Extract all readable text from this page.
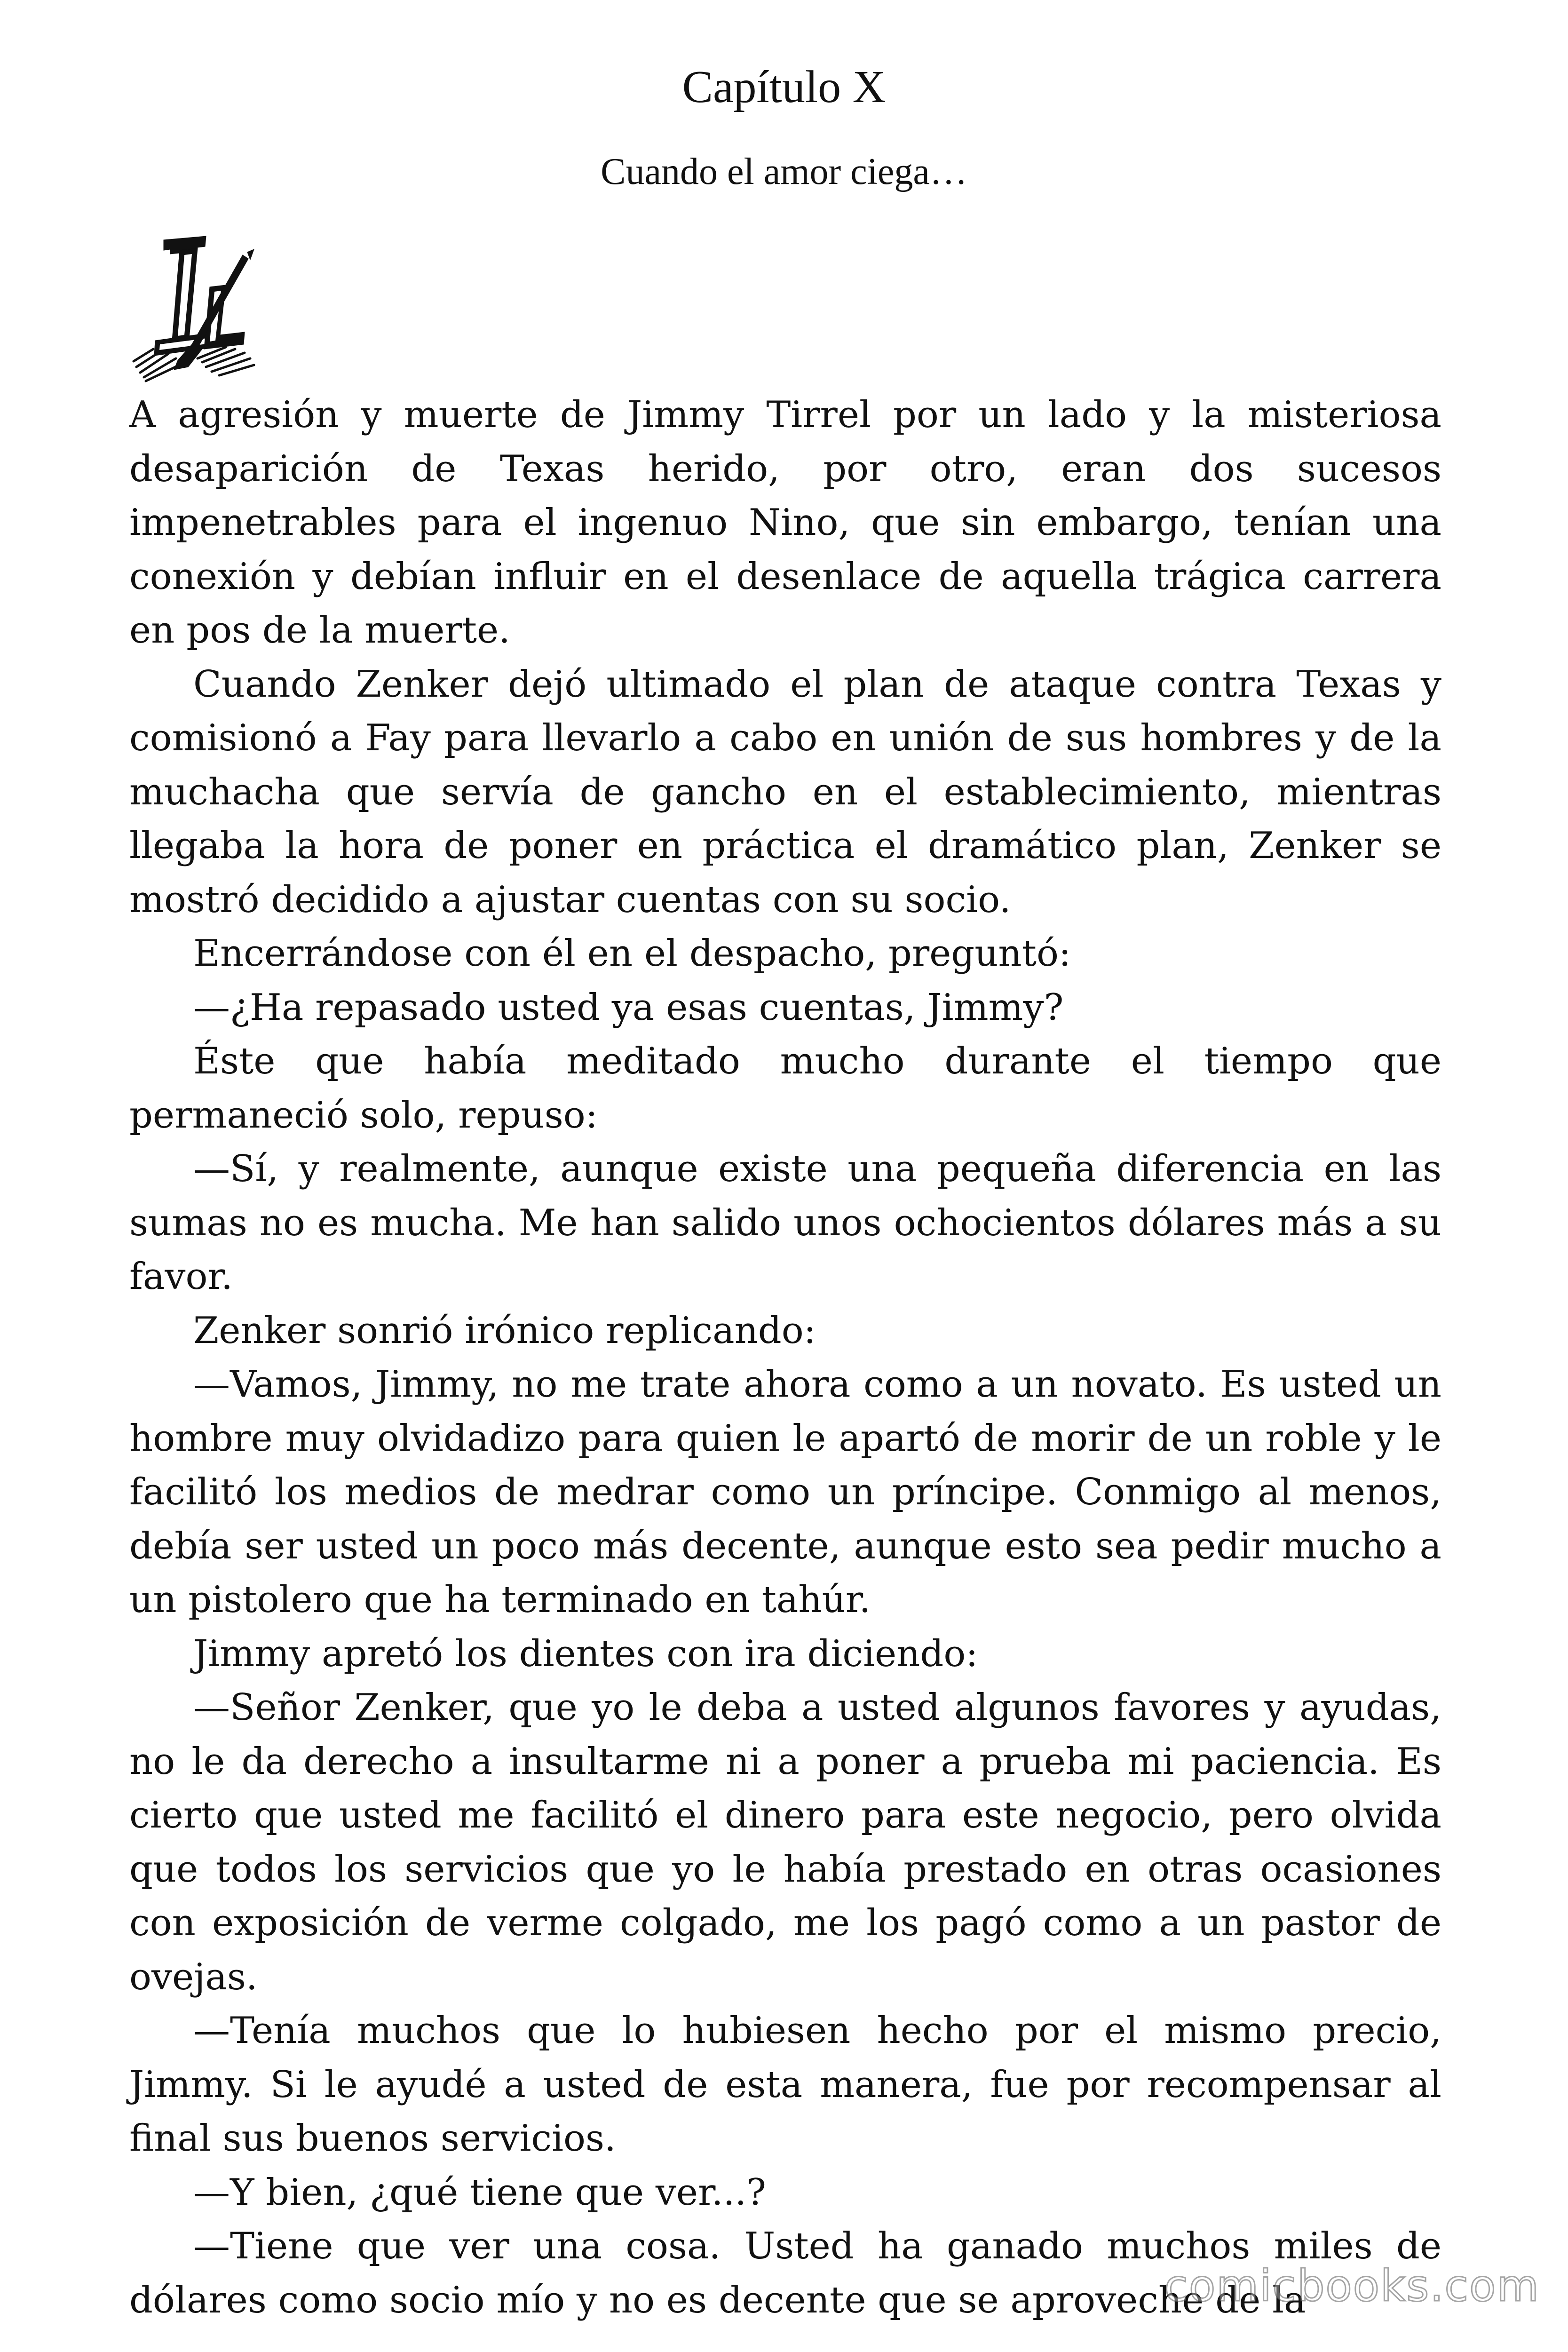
Capítulo X
Cuando el amor ciega…

A agresión y muerte de Jimmy Tirrel por un lado y la misteriosa desaparición de Texas herido, por otro, eran dos sucesos impenetrables para el ingenuo Nino, que sin embargo, tenían una conexión y debían influir en el desenlace de aquella trágica carrera en pos de la muerte.

Cuando Zenker dejó ultimado el plan de ataque contra Texas y comisionó a Fay para llevarlo a cabo en unión de sus hombres y de la muchacha que servía de gancho en el establecimiento, mientras llegaba la hora de poner en práctica el dramático plan, Zenker se mostró decidido a ajustar cuentas con su socio.

Encerrándose con él en el despacho, preguntó:

—¿Ha repasado usted ya esas cuentas, Jimmy?

Éste que había meditado mucho durante el tiempo que permaneció solo, repuso:

—Sí, y realmente, aunque existe una pequeña diferencia en las sumas no es mucha. Me han salido unos ochocientos dólares más a su favor.

Zenker sonrió irónico replicando:

—Vamos, Jimmy, no me trate ahora como a un novato. Es usted un hombre muy olvidadizo para quien le apartó de morir de un roble y le facilitó los medios de medrar como un príncipe. Conmigo al menos, debía ser usted un poco más decente, aunque esto sea pedir mucho a un pistolero que ha terminado en tahúr.

Jimmy apretó los dientes con ira diciendo:

—Señor Zenker, que yo le deba a usted algunos favores y ayudas, no le da derecho a insultarme ni a poner a prueba mi paciencia. Es cierto que usted me facilitó el dinero para este negocio, pero olvida que todos los servicios que yo le había prestado en otras ocasiones con exposición de verme colgado, me los pagó como a un pastor de ovejas.

—Tenía muchos que lo hubiesen hecho por el mismo precio, Jimmy. Si le ayudé a usted de esta manera, fue por recompensar al final sus buenos servicios.

—Y bien, ¿qué tiene que ver...?

—Tiene que ver una cosa. Usted ha ganado muchos miles de dólares como socio mío y no es decente que se aproveche de la

comicbooks.com
